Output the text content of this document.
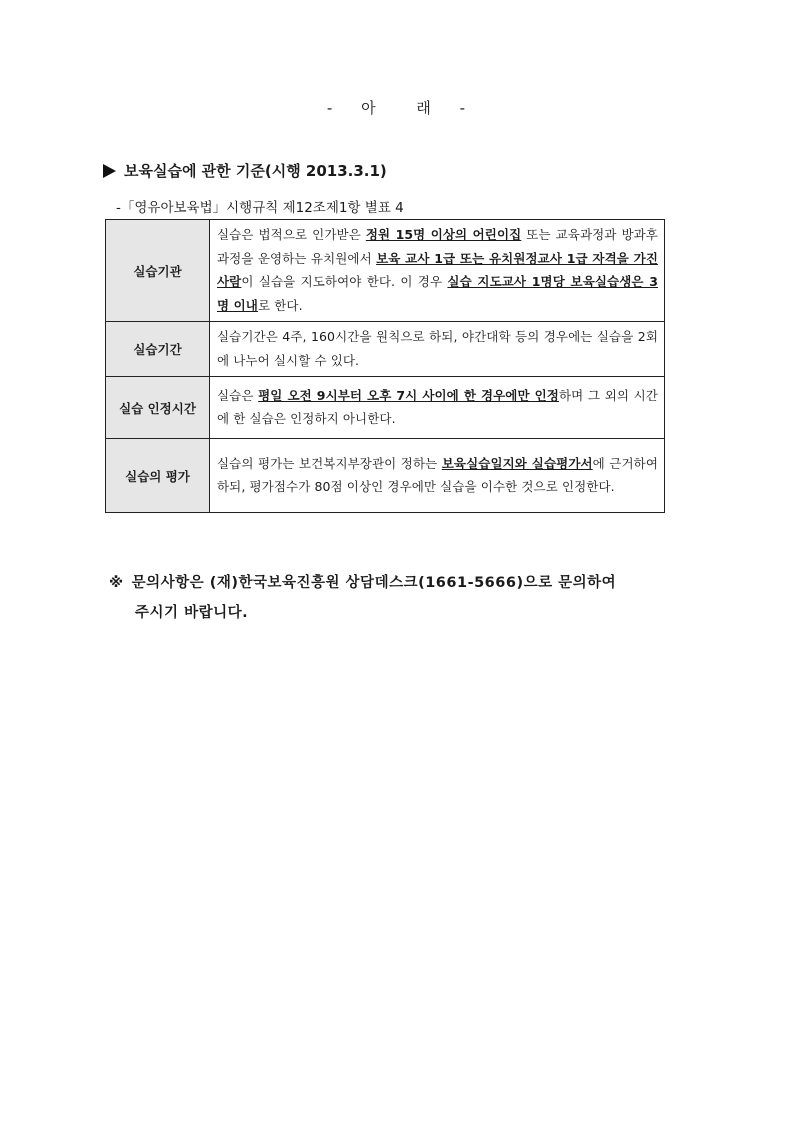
- 아	래 -
보육실습에 관한 기준(시행 2013.3.1)
-「영유아보육법」시행규칙 제12조제1항 별표 4
실습기관	실습은 법적으로 인가받은 정원 15명 이상의 어린이집 또는 교육과정과 방과후 과정을 운영하는 유치원에서 보육 교사 1급 또는 유치원정교사 1급 자격을 가진 사람이 실습을 지도하여야 한다. 이 경우 실습 지도교사 1명당 보육실습생은 3명 이내로 한다.
실습기간	실습기간은 4주, 160시간을 원칙으로 하되, 야간대학 등의 경우에는 실습을 2회에 나누어 실시할 수 있다.
실습 인정시간	실습은 평일 오전 9시부터 오후 7시 사이에 한 경우에만 인정하며 그 외의 시간에 한 실습은 인정하지 아니한다.
실습의 평가	실습의 평가는 보건복지부장관이 정하는 보육실습일지와 실습평가서에 근거하여 하되, 평가점수가 80점 이상인 경우에만 실습을 이수한 것으로 인정한다.
※ 문의사항은 (재)한국보육진흥원 상담데스크(1661-5666)으로 문의하여
주시기 바랍니다.
